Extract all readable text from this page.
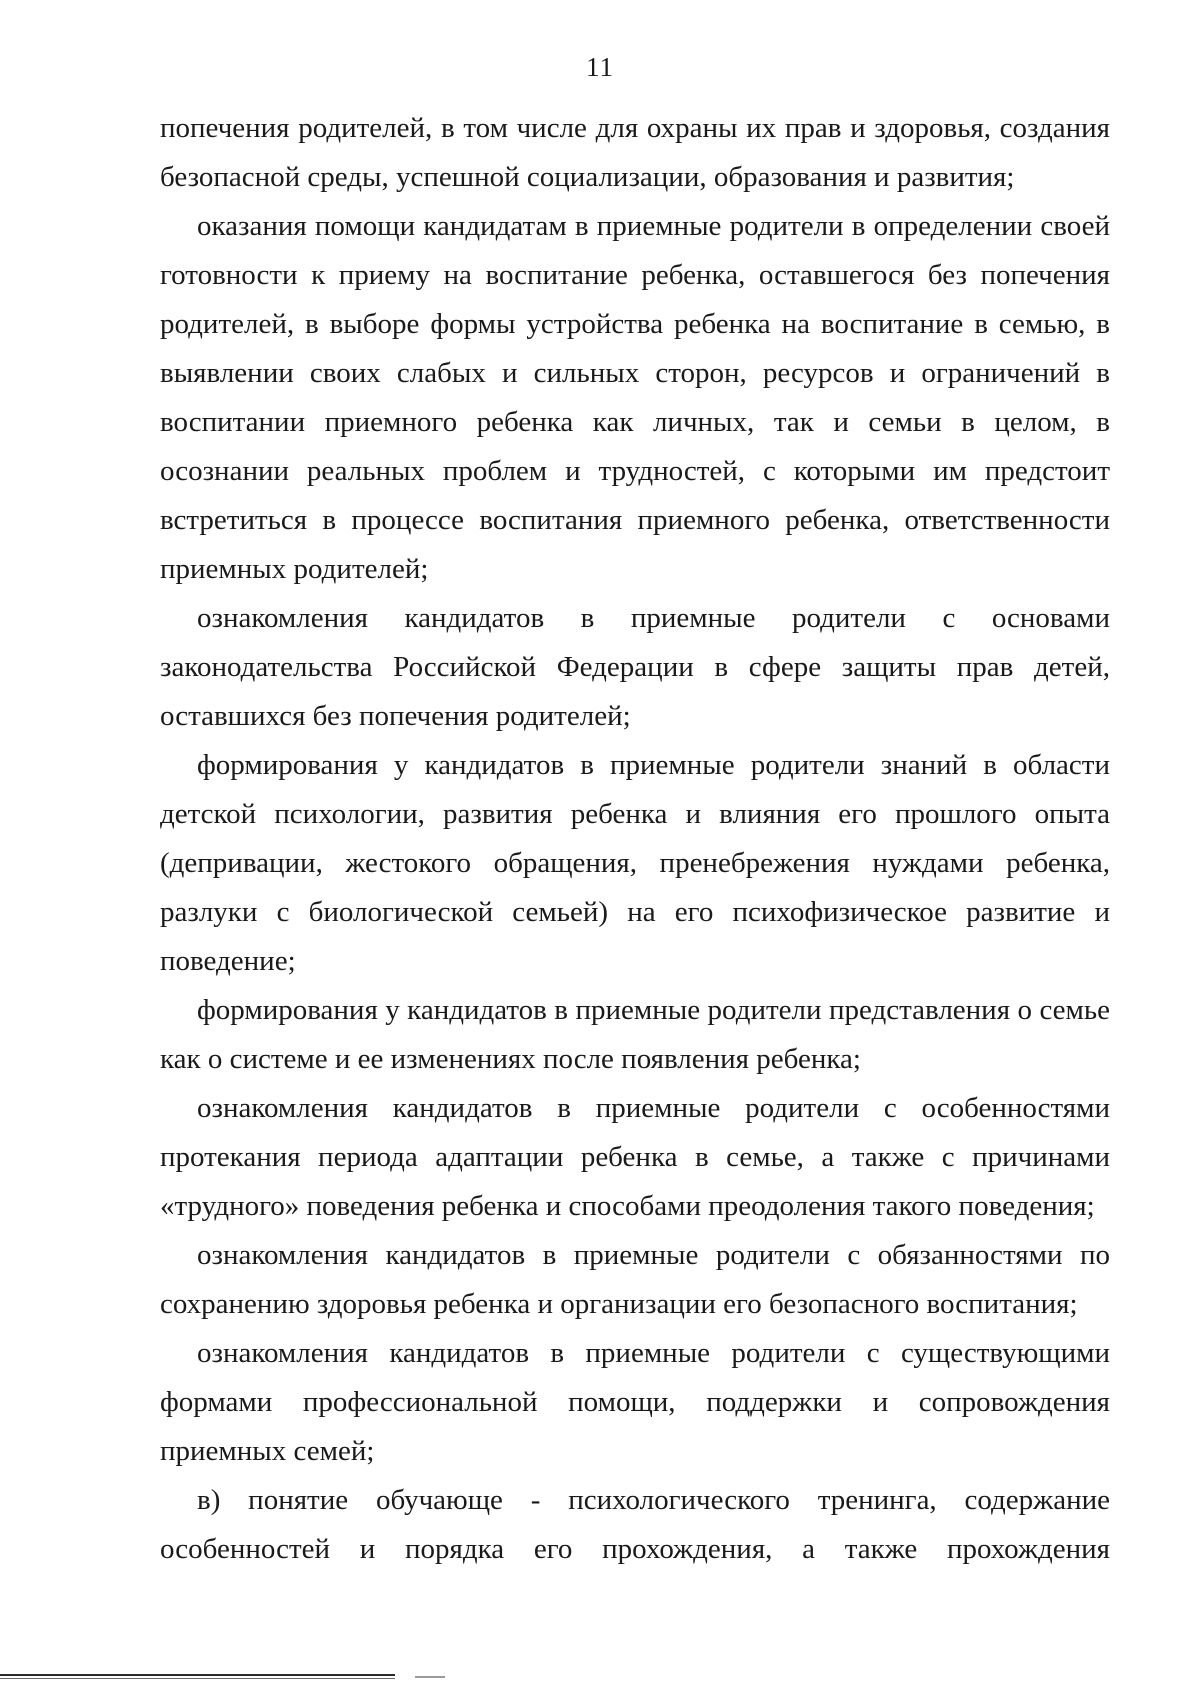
11

попечения родителей, в том числе для охраны их прав и здоровья, создания безопасной среды, успешной социализации, образования и развития;

оказания помощи кандидатам в приемные родители в определении своей готовности к приему на воспитание ребенка, оставшегося без попечения родителей, в выборе формы устройства ребенка на воспитание в семью, в выявлении своих слабых и сильных сторон, ресурсов и ограничений в воспитании приемного ребенка как личных, так и семьи в целом, в осознании реальных проблем и трудностей, с которыми им предстоит встретиться в процессе воспитания приемного ребенка, ответственности приемных родителей;

ознакомления кандидатов в приемные родители с основами законодательства Российской Федерации в сфере защиты прав детей, оставшихся без попечения родителей;

формирования у кандидатов в приемные родители знаний в области детской психологии, развития ребенка и влияния его прошлого опыта (депривации, жестокого обращения, пренебрежения нуждами ребенка, разлуки с биологической семьей) на его психофизическое развитие и поведение;

формирования у кандидатов в приемные родители представления о семье как о системе и ее изменениях после появления ребенка;

ознакомления кандидатов в приемные родители с особенностями протекания периода адаптации ребенка в семье, а также с причинами «трудного» поведения ребенка и способами преодоления такого поведения;

ознакомления кандидатов в приемные родители с обязанностями по сохранению здоровья ребенка и организации его безопасного воспитания;

ознакомления кандидатов в приемные родители с существующими формами профессиональной помощи, поддержки и сопровождения приемных семей;

в) понятие обучающе - психологического тренинга, содержание особенностей и порядка его прохождения, а также прохождения
